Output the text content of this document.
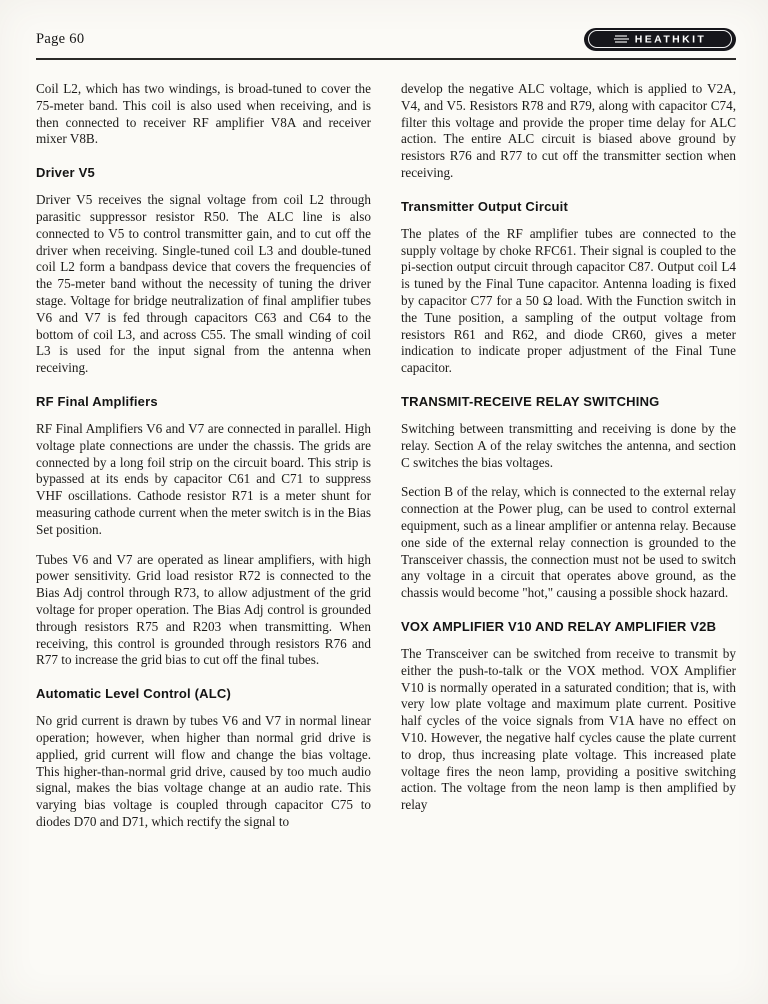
Page 60	HEATHKIT

Coil L2, which has two windings, is broad-tuned to cover the 75-meter band. This coil is also used when receiving, and is then connected to receiver RF amplifier V8A and receiver mixer V8B.

Driver V5

Driver V5 receives the signal voltage from coil L2 through parasitic suppressor resistor R50. The ALC line is also connected to V5 to control transmitter gain, and to cut off the driver when receiving. Single-tuned coil L3 and double-tuned coil L2 form a bandpass device that covers the frequencies of the 75-meter band without the necessity of tuning the driver stage. Voltage for bridge neutralization of final amplifier tubes V6 and V7 is fed through capacitors C63 and C64 to the bottom of coil L3, and across C55. The small winding of coil L3 is used for the input signal from the antenna when receiving.

RF Final Amplifiers

RF Final Amplifiers V6 and V7 are connected in parallel. High voltage plate connections are under the chassis. The grids are connected by a long foil strip on the circuit board. This strip is bypassed at its ends by capacitor C61 and C71 to suppress VHF oscillations. Cathode resistor R71 is a meter shunt for measuring cathode current when the meter switch is in the Bias Set position.

Tubes V6 and V7 are operated as linear amplifiers, with high power sensitivity. Grid load resistor R72 is connected to the Bias Adj control through R73, to allow adjustment of the grid voltage for proper operation. The Bias Adj control is grounded through resistors R75 and R203 when transmitting. When receiving, this control is grounded through resistors R76 and R77 to increase the grid bias to cut off the final tubes.

Automatic Level Control (ALC)

No grid current is drawn by tubes V6 and V7 in normal linear operation; however, when higher than normal grid drive is applied, grid current will flow and change the bias voltage. This higher-than-normal grid drive, caused by too much audio signal, makes the bias voltage change at an audio rate. This varying bias voltage is coupled through capacitor C75 to diodes D70 and D71, which rectify the signal to

develop the negative ALC voltage, which is applied to V2A, V4, and V5. Resistors R78 and R79, along with capacitor C74, filter this voltage and provide the proper time delay for ALC action. The entire ALC circuit is biased above ground by resistors R76 and R77 to cut off the transmitter section when receiving.

Transmitter Output Circuit

The plates of the RF amplifier tubes are connected to the supply voltage by choke RFC61. Their signal is coupled to the pi-section output circuit through capacitor C87. Output coil L4 is tuned by the Final Tune capacitor. Antenna loading is fixed by capacitor C77 for a 50 Ω load. With the Function switch in the Tune position, a sampling of the output voltage from resistors R61 and R62, and diode CR60, gives a meter indication to indicate proper adjustment of the Final Tune capacitor.

TRANSMIT-RECEIVE RELAY SWITCHING

Switching between transmitting and receiving is done by the relay. Section A of the relay switches the antenna, and section C switches the bias voltages.

Section B of the relay, which is connected to the external relay connection at the Power plug, can be used to control external equipment, such as a linear amplifier or antenna relay. Because one side of the external relay connection is grounded to the Transceiver chassis, the connection must not be used to switch any voltage in a circuit that operates above ground, as the chassis would become "hot," causing a possible shock hazard.

VOX AMPLIFIER V10 AND RELAY AMPLIFIER V2B

The Transceiver can be switched from receive to transmit by either the push-to-talk or the VOX method. VOX Amplifier V10 is normally operated in a saturated condition; that is, with very low plate voltage and maximum plate current. Positive half cycles of the voice signals from V1A have no effect on V10. However, the negative half cycles cause the plate current to drop, thus increasing plate voltage. This increased plate voltage fires the neon lamp, providing a positive switching action. The voltage from the neon lamp is then amplified by relay
